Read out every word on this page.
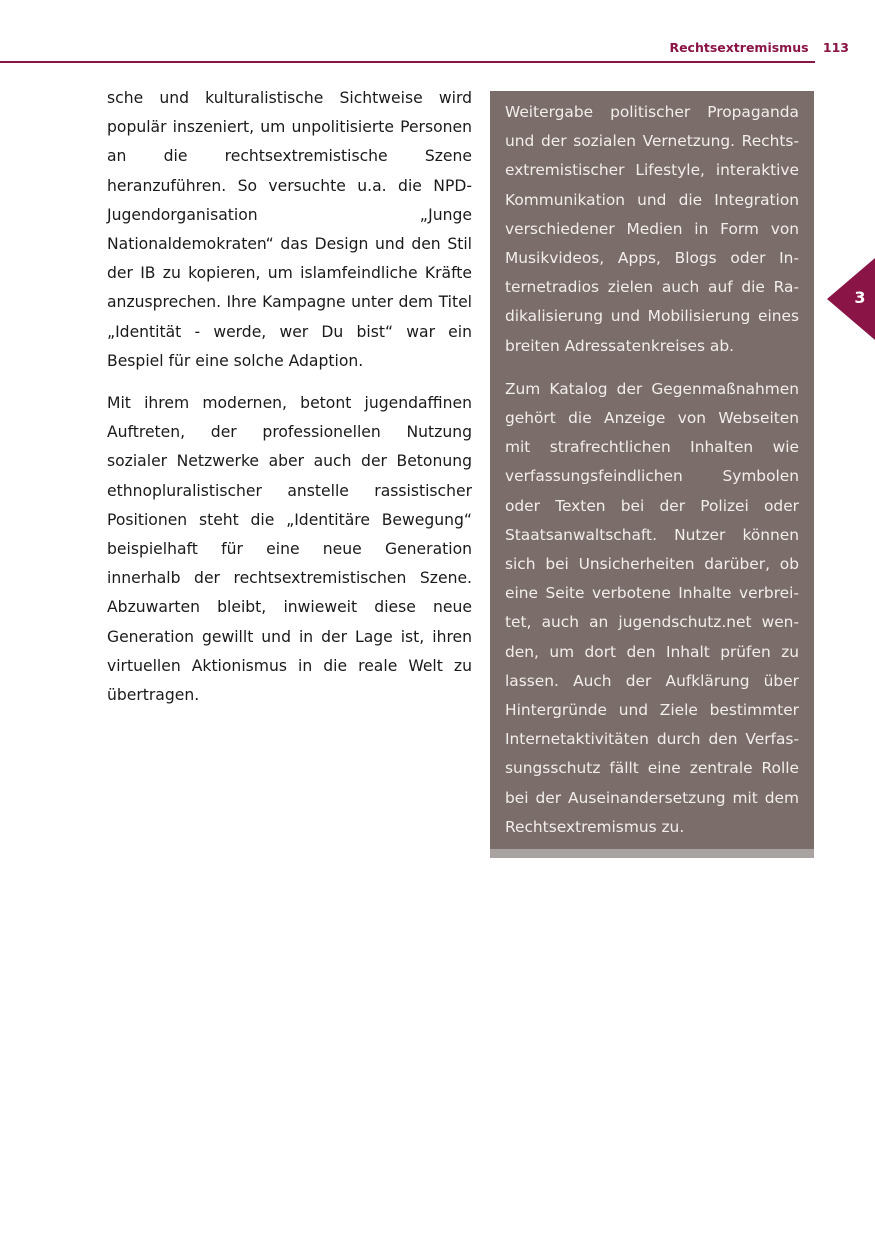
Rechtsextremismus 113
3

sche und kulturalistische Sichtweise wird populär inszeniert, um unpolitisierte Personen an die rechtsextremistische Szene heranzuführen. So versuchte u.a. die NPD-Jugendorganisation „Junge Nationaldemokraten“ das Design und den Stil der IB zu kopieren, um islamfeindliche Kräfte anzusprechen. Ihre Kampagne unter dem Titel „Identität - werde, wer Du bist“ war ein Bespiel für eine solche Adaption.

Mit ihrem modernen, betont jugendaffinen Auftreten, der professionellen Nutzung sozialer Netzwerke aber auch der Betonung ethnopluralistischer anstelle rassistischer Positionen steht die „Identitäre Bewegung“ beispielhaft für eine neue Generation innerhalb der rechtsextremistischen Szene. Abzuwarten bleibt, inwieweit diese neue Generation gewillt und in der Lage ist, ihren virtuellen Aktionismus in die reale Welt zu übertragen.

Weitergabe politischer Propaganda und der sozialen Vernetzung. Rechtsextremistischer Lifestyle, interaktive Kommunikation und die Integration verschiedener Medien in Form von Musikvideos, Apps, Blogs oder Internetradios zielen auch auf die Radikalisierung und Mobilisierung eines breiten Adressatenkreises ab.

Zum Katalog der Gegenmaßnahmen gehört die Anzeige von Webseiten mit strafrechtlichen Inhalten wie verfassungsfeindlichen Symbolen oder Texten bei der Polizei oder Staatsanwaltschaft. Nutzer können sich bei Unsicherheiten darüber, ob eine Seite verbotene Inhalte verbreitet, auch an jugendschutz.net wenden, um dort den Inhalt prüfen zu lassen. Auch der Aufklärung über Hintergründe und Ziele bestimmter Internetaktivitäten durch den Verfassungsschutz fällt eine zentrale Rolle bei der Auseinandersetzung mit dem Rechtsextremismus zu.
